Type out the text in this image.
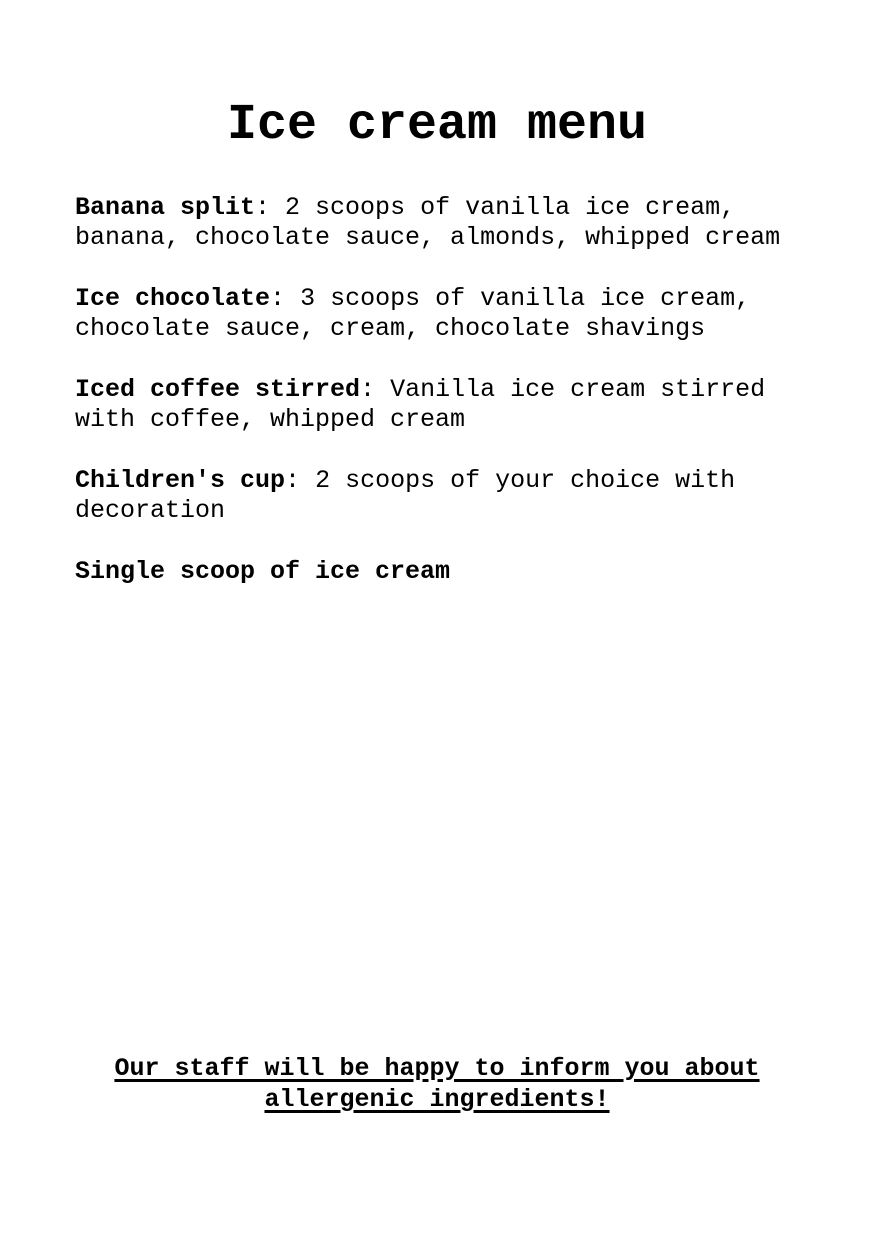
Ice cream menu

Banana split: 2 scoops of vanilla ice cream, banana, chocolate sauce, almonds, whipped cream

Ice chocolate: 3 scoops of vanilla ice cream, chocolate sauce, cream, chocolate shavings

Iced coffee stirred: Vanilla ice cream stirred with coffee, whipped cream

Children's cup: 2 scoops of your choice with decoration

Single scoop of ice cream

Our staff will be happy to inform you about allergenic ingredients!
